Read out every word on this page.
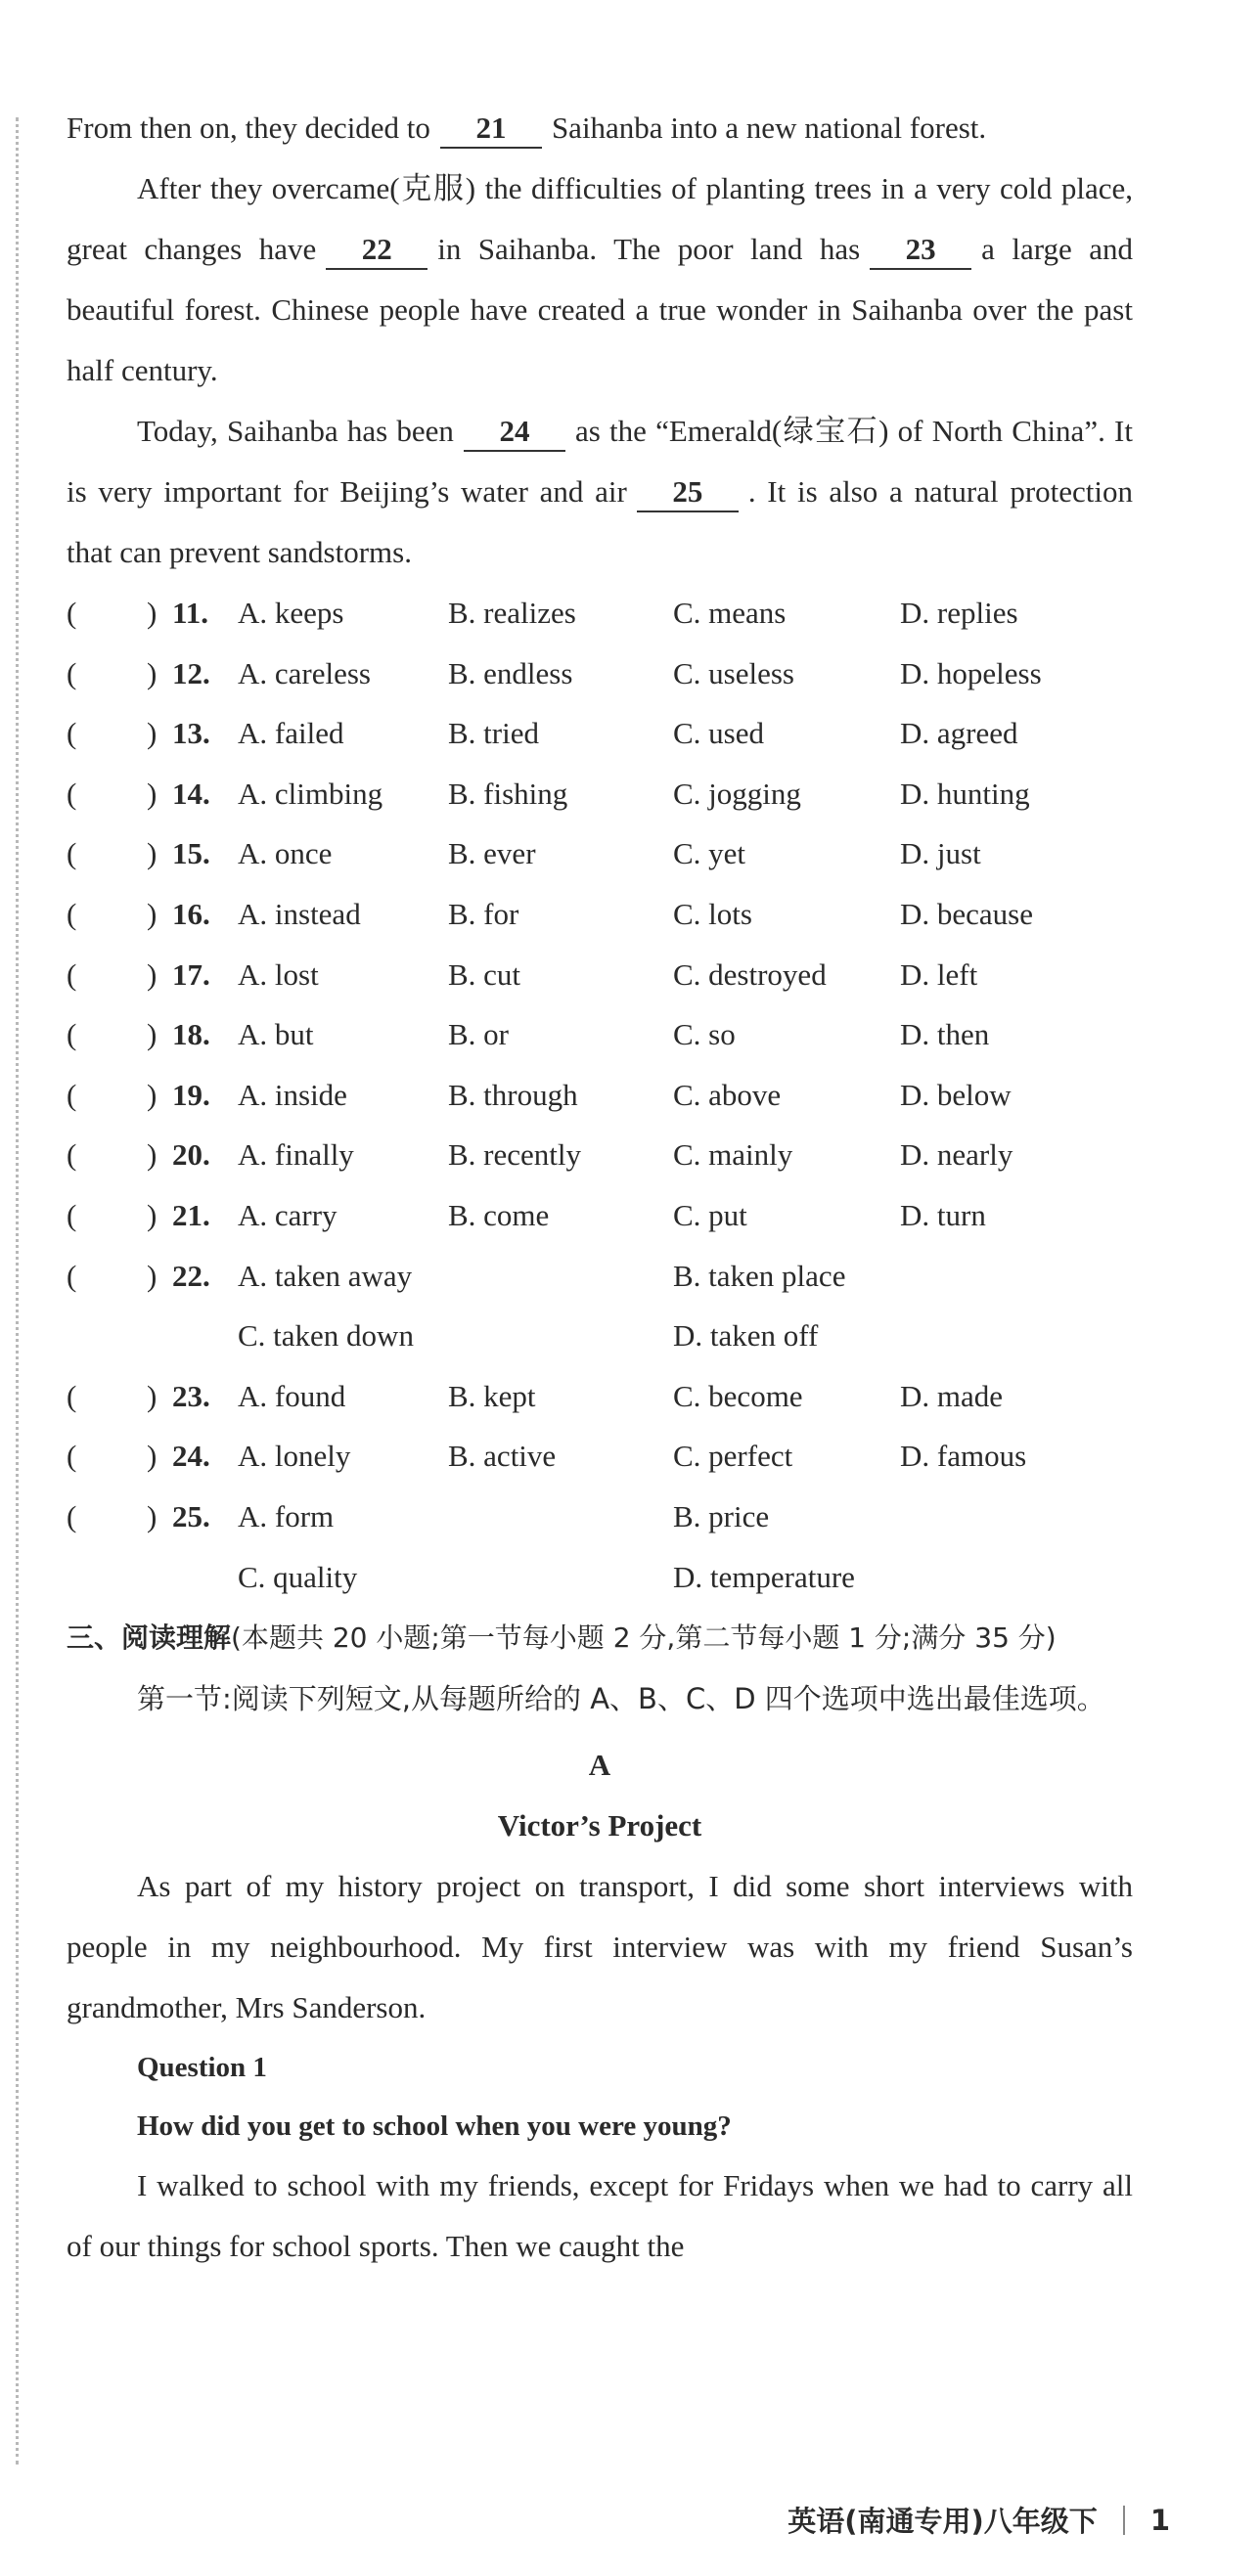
From then on, they decided to 21 Saihanba into a new national forest.

After they overcame(克服) the difficulties of planting trees in a very cold place, great changes have 22 in Saihanba. The poor land has 23 a large and beautiful forest. Chinese people have created a true wonder in Saihanba over the past half century.

Today, Saihanba has been 24 as the “Emerald(绿宝石) of North China”. It is very important for Beijing’s water and air 25 . It is also a natural protection that can prevent sandstorms.

( ) 11. A. keeps	B. realizes	C. means	D. replies
( ) 12. A. careless	B. endless	C. useless	D. hopeless
( ) 13. A. failed	B. tried	C. used	D. agreed
( ) 14. A. climbing B. fishing	C. jogging	D. hunting
( ) 15. A. once	B. ever	C. yet	D. just
( ) 16. A. instead	B. for	C. lots	D. because
( ) 17. A. lost	B. cut	C. destroyed D. left
( ) 18. A. but	B. or	C. so	D. then
( ) 19. A. inside	B. through	C. above	D. below
( ) 20. A. finally	B. recently	C. mainly	D. nearly
( ) 21. A. carry	B. come	C. put	D. turn
( ) 22. A. taken away	B. taken place
C. taken down	D. taken off
( ) 23. A. found	B. kept	C. become	D. made
( ) 24. A. lonely	B. active	C. perfect	D. famous
( ) 25. A. form	B. price
C. quality	D. temperature

三、阅读理解(本题共 20 小题;第一节每小题 2 分,第二节每小题 1 分;满分 35 分)

第一节:阅读下列短文,从每题所给的 A、B、C、D 四个选项中选出最佳选项。

A

Victor’s Project

As part of my history project on transport, I did some short interviews with people in my neighbourhood. My first interview was with my friend Susan’s grandmother, Mrs Sanderson.

Question 1

How did you get to school when you were young?

I walked to school with my friends, except for Fridays when we had to carry all of our things for school sports. Then we caught the

英语(南通专用)八年级下 1
